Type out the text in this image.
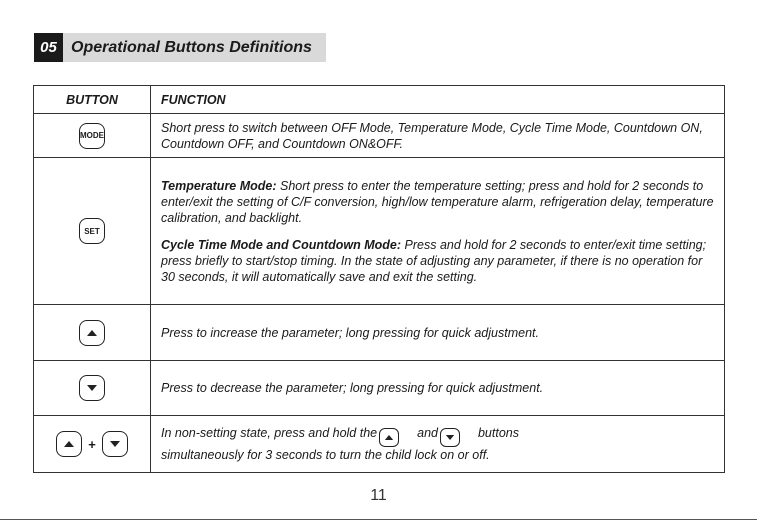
05 Operational Buttons Definitions
BUTTON	FUNCTION
MODE	Short press to switch between OFF Mode, Temperature Mode, Cycle Time Mode, Countdown ON, Countdown OFF, and Countdown ON&OFF.
SET	Temperature Mode: Short press to enter the temperature setting; press and hold for 2 seconds to enter/exit the setting of C/F conversion, high/low temperature alarm, refrigeration delay, temperature calibration, and backlight.

Cycle Time Mode and Countdown Mode: Press and hold for 2 seconds to enter/exit time setting; press briefly to start/stop timing. In the state of adjusting any parameter, if there is no operation for 30 seconds, it will automatically save and exit the setting.

	Press to increase the parameter; long pressing for quick adjustment.

	Press to decrease the parameter; long pressing for quick adjustment.

+	In non-setting state, press and hold the and buttons
simultaneously for 3 seconds to turn the child lock on or off.
11
